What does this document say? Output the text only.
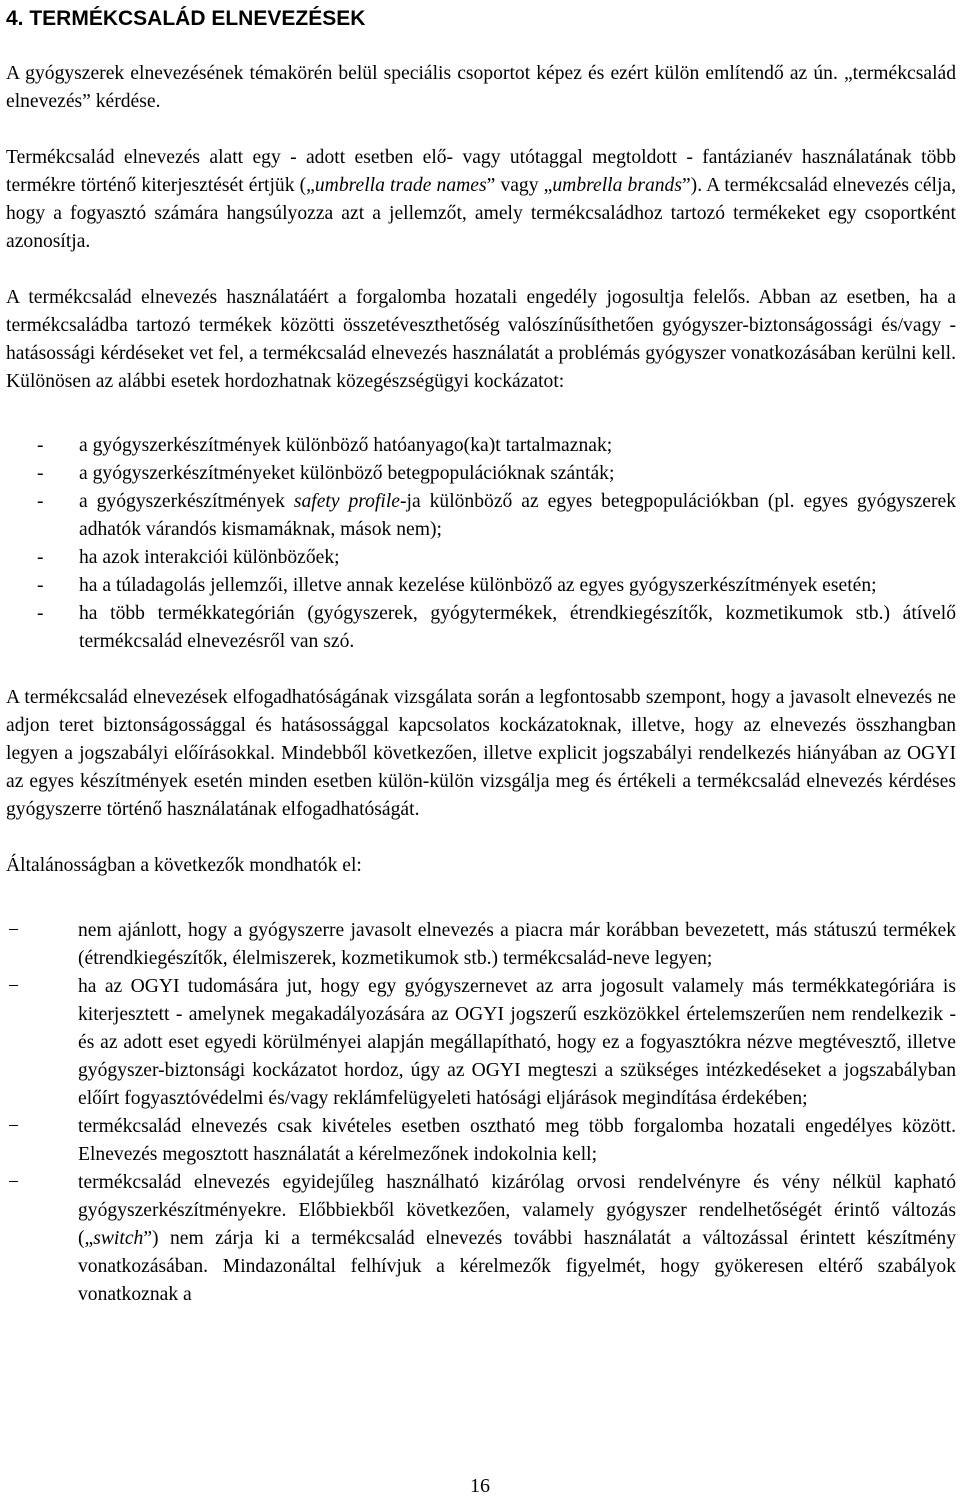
4. TERMÉKCSALÁD ELNEVEZÉSEK

A gyógyszerek elnevezésének témakörén belül speciális csoportot képez és ezért külön említendő az ún. „termékcsalád elnevezés” kérdése.

Termékcsalád elnevezés alatt egy - adott esetben elő- vagy utótaggal megtoldott - fantázianév használatának több termékre történő kiterjesztését értjük („umbrella trade names” vagy „umbrella brands”). A termékcsalád elnevezés célja, hogy a fogyasztó számára hangsúlyozza azt a jellemzőt, amely termékcsaládhoz tartozó termékeket egy csoportként azonosítja.

A termékcsalád elnevezés használatáért a forgalomba hozatali engedély jogosultja felelős. Abban az esetben, ha a termékcsaládba tartozó termékek közötti összetéveszthetőség valószínűsíthetően gyógyszer-biztonságossági és/vagy -hatásossági kérdéseket vet fel, a termékcsalád elnevezés használatát a problémás gyógyszer vonatkozásában kerülni kell. Különösen az alábbi esetek hordozhatnak közegészségügyi kockázatot:

- a gyógyszerkészítmények különböző hatóanyago(ka)t tartalmaznak;
- a gyógyszerkészítményeket különböző betegpopulációknak szánták;
- a gyógyszerkészítmények safety profile-ja különböző az egyes betegpopulációkban (pl. egyes gyógyszerek adhatók várandós kismamáknak, mások nem);
- ha azok interakciói különbözőek;
- ha a túladagolás jellemzői, illetve annak kezelése különböző az egyes gyógyszerkészítmények esetén;
- ha több termékkategórián (gyógyszerek, gyógytermékek, étrendkiegészítők, kozmetikumok stb.) átívelő termékcsalád elnevezésről van szó.

A termékcsalád elnevezések elfogadhatóságának vizsgálata során a legfontosabb szempont, hogy a javasolt elnevezés ne adjon teret biztonságossággal és hatásossággal kapcsolatos kockázatoknak, illetve, hogy az elnevezés összhangban legyen a jogszabályi előírásokkal. Mindebből következően, illetve explicit jogszabályi rendelkezés hiányában az OGYI az egyes készítmények esetén minden esetben külön-külön vizsgálja meg és értékeli a termékcsalád elnevezés kérdéses gyógyszerre történő használatának elfogadhatóságát.

Általánosságban a következők mondhatók el:

−	nem ajánlott, hogy a gyógyszerre javasolt elnevezés a piacra már korábban bevezetett, más státuszú termékek (étrendkiegészítők, élelmiszerek, kozmetikumok stb.) termékcsalád-neve legyen;
−	ha az OGYI tudomására jut, hogy egy gyógyszernevet az arra jogosult valamely más termékkategóriára is kiterjesztett - amelynek megakadályozására az OGYI jogszerű eszközökkel értelemszerűen nem rendelkezik - és az adott eset egyedi körülményei alapján megállapítható, hogy ez a fogyasztókra nézve megtévesztő, illetve gyógyszer-biztonsági kockázatot hordoz, úgy az OGYI megteszi a szükséges intézkedéseket a jogszabályban előírt fogyasztóvédelmi és/vagy reklámfelügyeleti hatósági eljárások megindítása érdekében;
−	termékcsalád elnevezés csak kivételes esetben osztható meg több forgalomba hozatali engedélyes között. Elnevezés megosztott használatát a kérelmezőnek indokolnia kell;
−	termékcsalád elnevezés egyidejűleg használható kizárólag orvosi rendelvényre és vény nélkül kapható gyógyszerkészítményekre. Előbbiekből következően, valamely gyógyszer rendelhetőségét érintő változás („switch”) nem zárja ki a termékcsalád elnevezés további használatát a változással érintett készítmény vonatkozásában. Mindazonáltal felhívjuk a kérelmezők figyelmét, hogy gyökeresen eltérő szabályok vonatkoznak a
16
